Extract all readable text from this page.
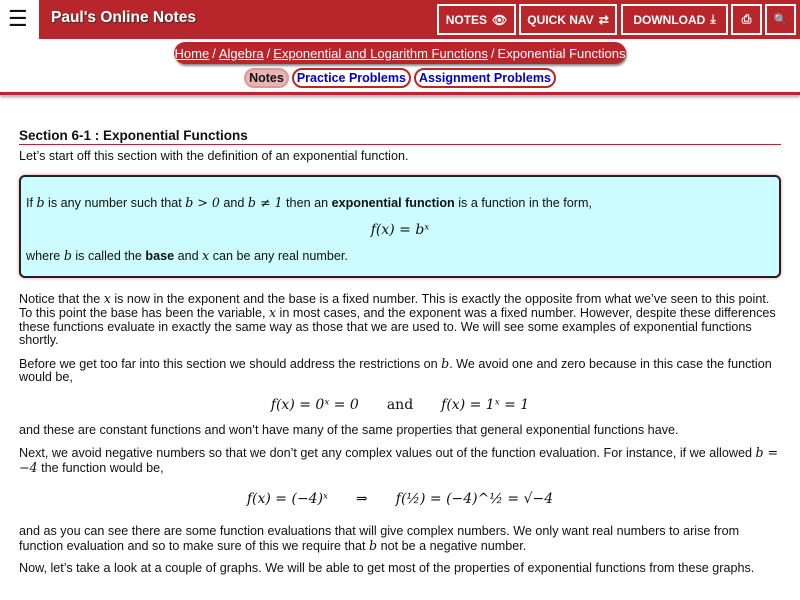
☰ Paul's Online Notes	NOTES 👁 QUICK NAV ⇄ DOWNLOAD ⤓ ⎙ 🔍
Home / Algebra / Exponential and Logarithm Functions / Exponential Functions
Notes	Practice Problems	Assignment Problems
Section 6-1 : Exponential Functions

Let’s start off this section with the definition of an exponential function.

If b is any number such that b > 0 and b ≠ 1 then an exponential function is a function in the form,

f(x) = bˣ

where b is called the base and x can be any real number.

Notice that the x is now in the exponent and the base is a fixed number. This is exactly the opposite from what we’ve seen to this point. To this point the base has been the variable, x in most cases, and the exponent was a fixed number. However, despite these differences these functions evaluate in exactly the same way as those that we are used to. We will see some examples of exponential functions shortly.

Before we get too far into this section we should address the restrictions on b. We avoid one and zero because in this case the function would be,

f(x) = 0ˣ = 0 and f(x) = 1ˣ = 1

and these are constant functions and won’t have many of the same properties that general exponential functions have.

Next, we avoid negative numbers so that we don’t get any complex values out of the function evaluation. For instance, if we allowed b = −4 the function would be,

f(x) = (−4)ˣ ⇒ f(½) = (−4)^½ = √−4

and as you can see there are some function evaluations that will give complex numbers. We only want real numbers to arise from function evaluation and so to make sure of this we require that b not be a negative number.

Now, let’s take a look at a couple of graphs. We will be able to get most of the properties of exponential functions from these graphs.
